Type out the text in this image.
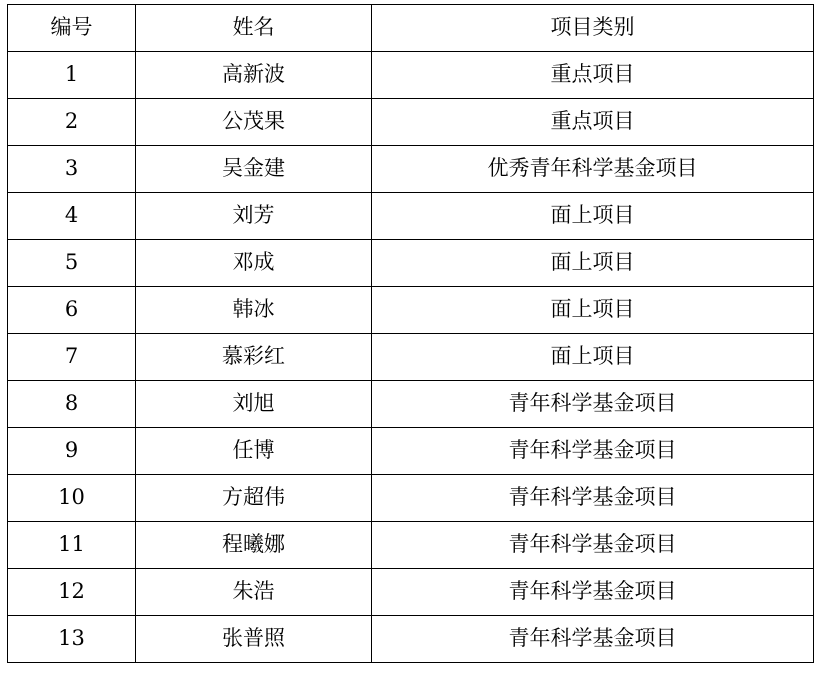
编号	姓名	项目类别
1	高新波	重点项目
2	公茂果	重点项目
3	吴金建	优秀青年科学基金项目
4	刘芳	面上项目
5	邓成	面上项目
6	韩冰	面上项目
7	慕彩红	面上项目
8	刘旭	青年科学基金项目
9	任博	青年科学基金项目
10	方超伟	青年科学基金项目
11	程曦娜	青年科学基金项目
12	朱浩	青年科学基金项目
13	张普照	青年科学基金项目
